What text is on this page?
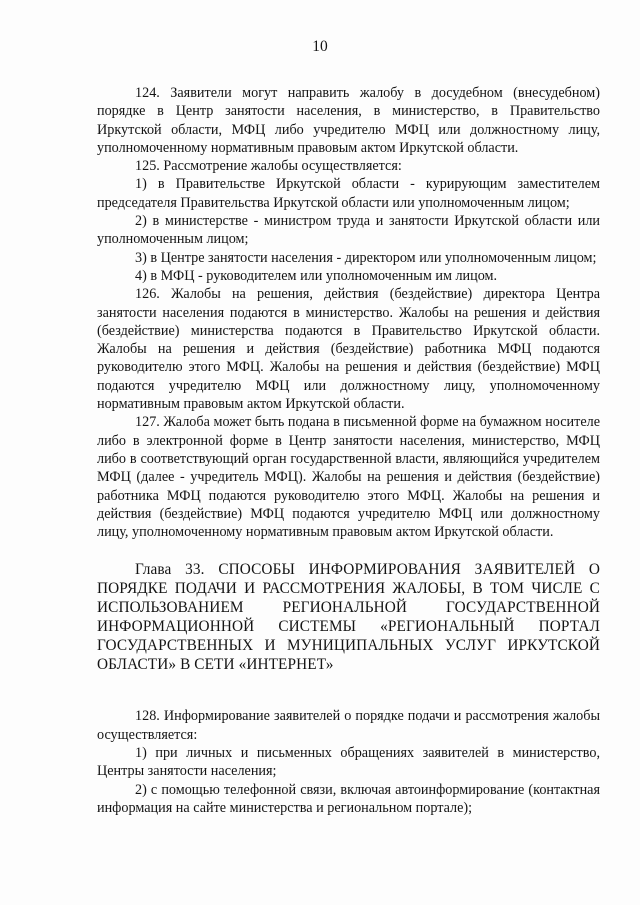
10

124. Заявители могут направить жалобу в досудебном (внесудебном) порядке в Центр занятости населения, в министерство, в Правительство Иркутской области, МФЦ либо учредителю МФЦ или должностному лицу, уполномоченному нормативным правовым актом Иркутской области.

125. Рассмотрение жалобы осуществляется:

1) в Правительстве Иркутской области - курирующим заместителем председателя Правительства Иркутской области или уполномоченным лицом;

2) в министерстве - министром труда и занятости Иркутской области или уполномоченным лицом;

3) в Центре занятости населения - директором или уполномоченным лицом;

4) в МФЦ - руководителем или уполномоченным им лицом.

126. Жалобы на решения, действия (бездействие) директора Центра занятости населения подаются в министерство. Жалобы на решения и действия (бездействие) министерства подаются в Правительство Иркутской области. Жалобы на решения и действия (бездействие) работника МФЦ подаются руководителю этого МФЦ. Жалобы на решения и действия (бездействие) МФЦ подаются учредителю МФЦ или должностному лицу, уполномоченному нормативным правовым актом Иркутской области.

127. Жалоба может быть подана в письменной форме на бумажном носителе либо в электронной форме в Центр занятости населения, министерство, МФЦ либо в соответствующий орган государственной власти, являющийся учредителем МФЦ (далее - учредитель МФЦ). Жалобы на решения и действия (бездействие) работника МФЦ подаются руководителю этого МФЦ. Жалобы на решения и действия (бездействие) МФЦ подаются учредителю МФЦ или должностному лицу, уполномоченному нормативным правовым актом Иркутской области.

Глава 33. СПОСОБЫ ИНФОРМИРОВАНИЯ ЗАЯВИТЕЛЕЙ О ПОРЯДКЕ ПОДАЧИ И РАССМОТРЕНИЯ ЖАЛОБЫ, В ТОМ ЧИСЛЕ С ИСПОЛЬЗОВАНИЕМ РЕГИОНАЛЬНОЙ ГОСУДАРСТВЕННОЙ ИНФОРМАЦИОННОЙ СИСТЕМЫ «РЕГИОНАЛЬНЫЙ ПОРТАЛ ГОСУДАРСТВЕННЫХ И МУНИЦИПАЛЬНЫХ УСЛУГ ИРКУТСКОЙ ОБЛАСТИ» В СЕТИ «ИНТЕРНЕТ»

128. Информирование заявителей о порядке подачи и рассмотрения жалобы осуществляется:

1) при личных и письменных обращениях заявителей в министерство, Центры занятости населения;

2) с помощью телефонной связи, включая автоинформирование (контактная информация на сайте министерства и региональном портале);
